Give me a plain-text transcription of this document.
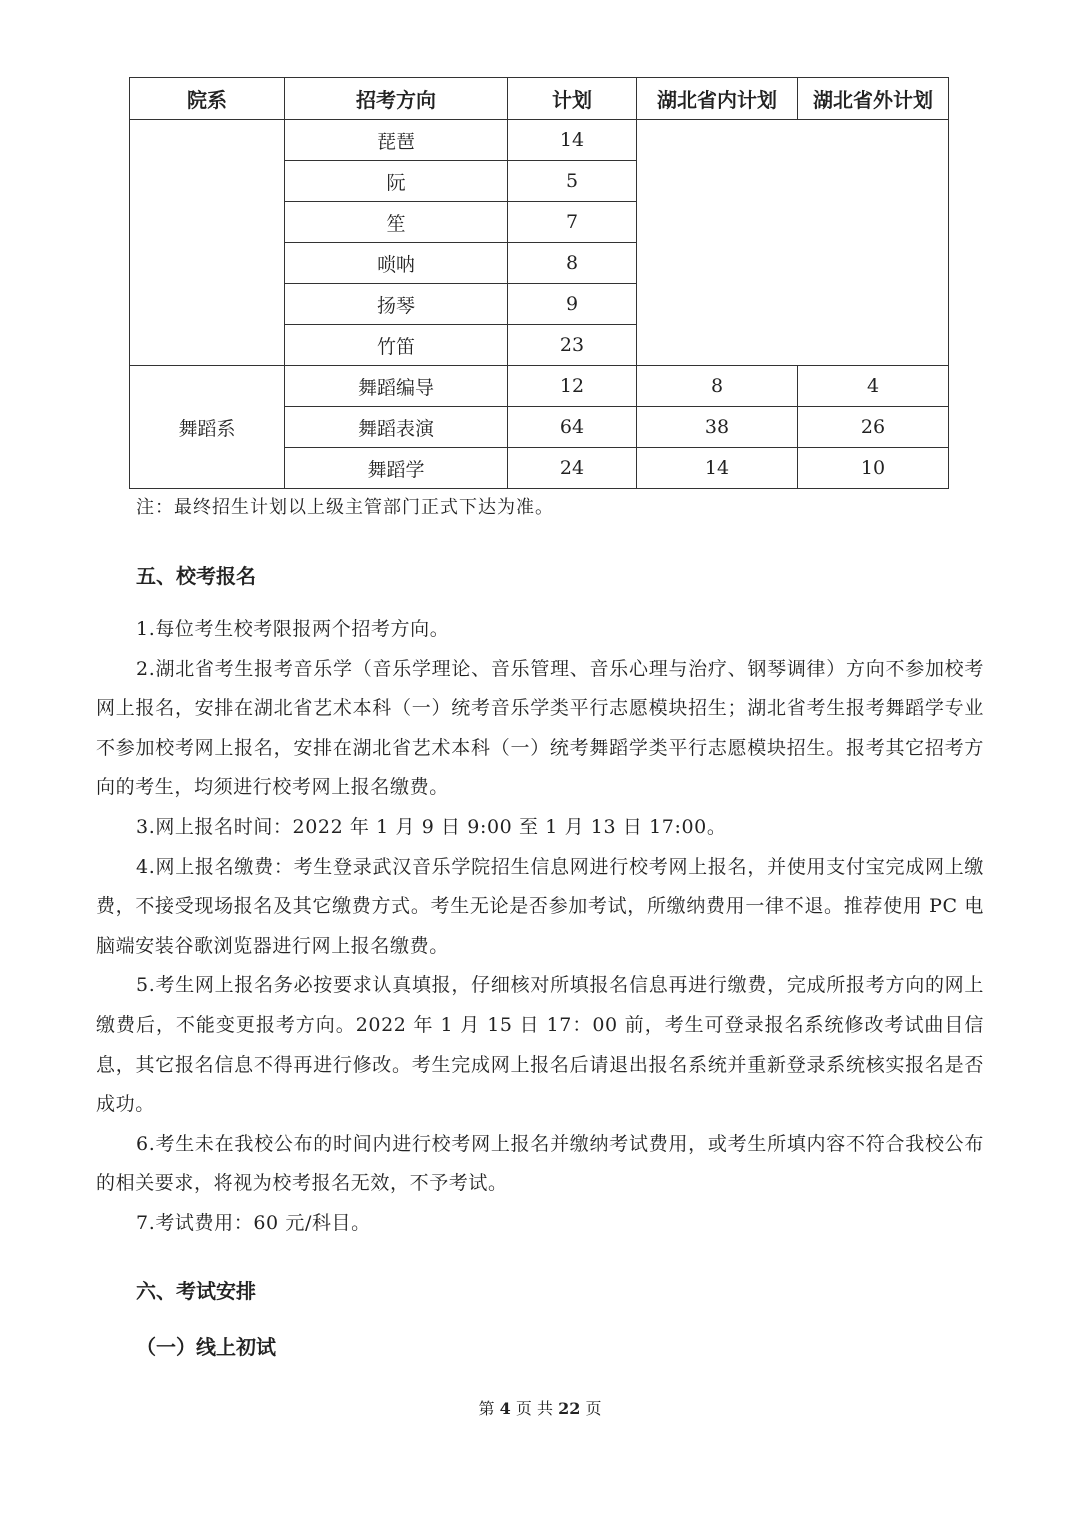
院系	招考方向	计划	湖北省内计划	湖北省外计划
	琵琶	14		
	阮	5		
	笙	7		
	唢呐	8		
	扬琴	9		
	竹笛	23		
舞蹈系	舞蹈编导	12	8	4
	舞蹈表演	64	38	26
	舞蹈学	24	14	10
注：最终招生计划以上级主管部门正式下达为准。
五、校考报名

1.每位考生校考限报两个招考方向。

2.湖北省考生报考音乐学（音乐学理论、音乐管理、音乐心理与治疗、钢琴调律）方向不参加校考网上报名，安排在湖北省艺术本科（一）统考音乐学类平行志愿模块招生；湖北省考生报考舞蹈学专业不参加校考网上报名，安排在湖北省艺术本科（一）统考舞蹈学类平行志愿模块招生。报考其它招考方向的考生，均须进行校考网上报名缴费。

3.网上报名时间：2022 年 1 月 9 日 9:00 至 1 月 13 日 17:00。

4.网上报名缴费：考生登录武汉音乐学院招生信息网进行校考网上报名，并使用支付宝完成网上缴费，不接受现场报名及其它缴费方式。考生无论是否参加考试，所缴纳费用一律不退。推荐使用 PC 电脑端安装谷歌浏览器进行网上报名缴费。

5.考生网上报名务必按要求认真填报，仔细核对所填报名信息再进行缴费，完成所报考方向的网上缴费后，不能变更报考方向。2022 年 1 月 15 日 17：00 前，考生可登录报名系统修改考试曲目信息，其它报名信息不得再进行修改。考生完成网上报名后请退出报名系统并重新登录系统核实报名是否成功。

6.考生未在我校公布的时间内进行校考网上报名并缴纳考试费用，或考生所填内容不符合我校公布的相关要求，将视为校考报名无效，不予考试。

7.考试费用：60 元/科目。

六、考试安排
（一）线上初试
第 4 页 共 22 页
